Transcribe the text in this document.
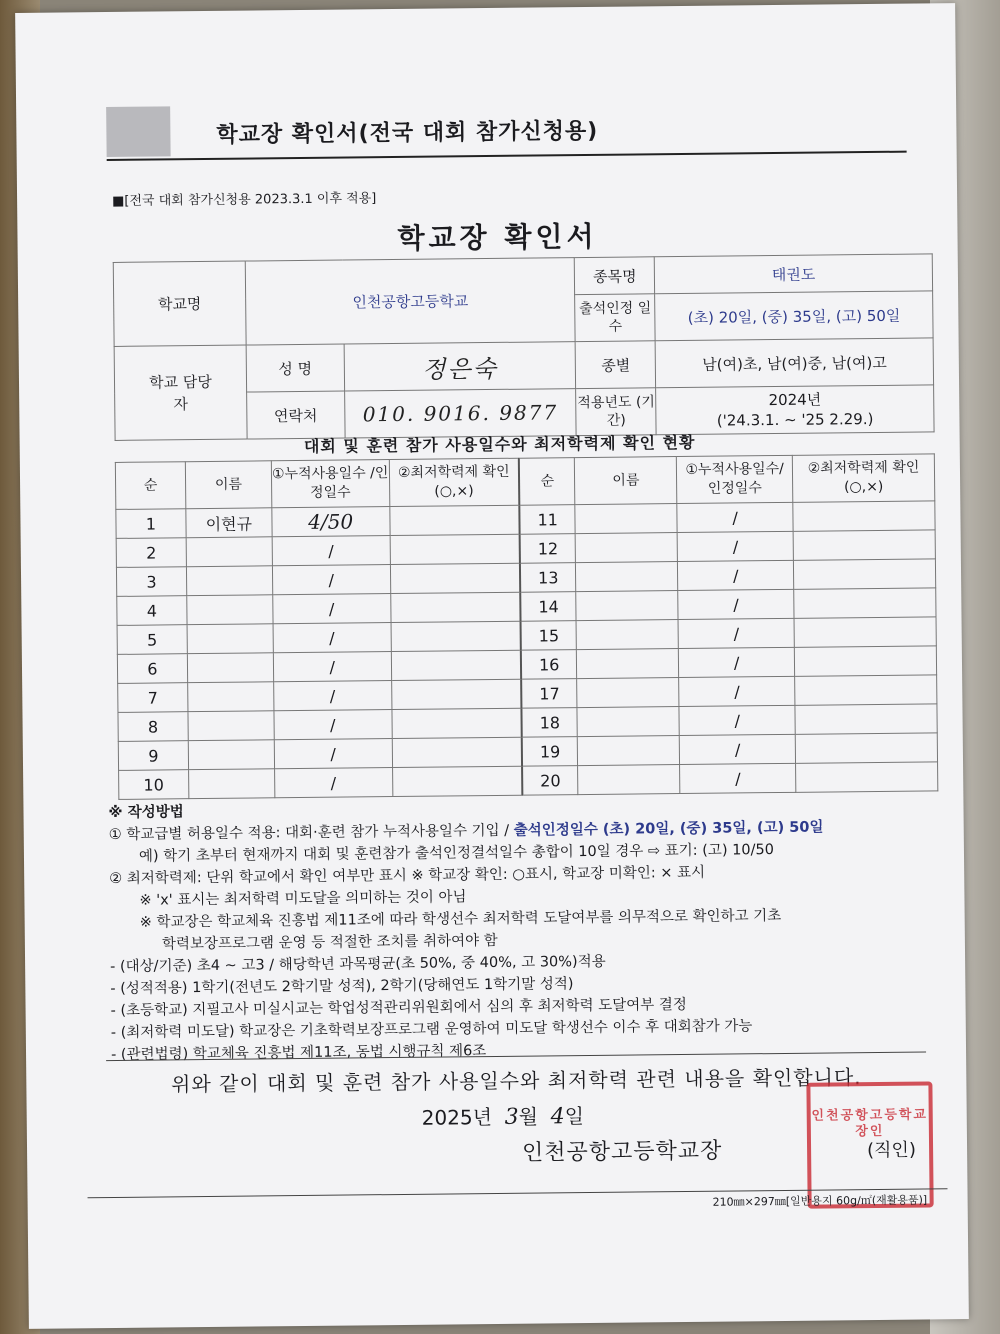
학교장 확인서(전국 대회 참가신청용)
■[전국 대회 참가신청용 2023.3.1 이후 적용]
학교장 확인서
학교명	인천공항고등학교		종목명	태권도
			출석인정 일수	(초) 20일, (중) 35일, (고) 50일
학교 담당자	성 명	정은숙	종별	남(여)초, 남(여)중, 남(여)고
	연락처	010. 9016. 9877	적용년도 (기간)	2024년
('24.3.1. ~ '25 2.29.)
대회 및 훈련 참가 사용일수와 최저학력제 확인 현황
순	이름	①누적사용일수 /인정일수	②최저학력제 확인(○,×)	순	이름	①누적사용일수/ 인정일수	②최저학력제 확인(○,×)
1	이현규	4/50		11		/	
2		/		12		/	
3		/		13		/	
4		/		14		/	
5		/		15		/	
6		/		16		/	
7		/		17		/	
8		/		18		/	
9		/		19		/	
10		/		20		/	

※ 작성방법

① 학교급별 허용일수 적용: 대회·훈련 참가 누적사용일수 기입 / 출석인정일수 (초) 20일, (중) 35일, (고) 50일

예) 학기 초부터 현재까지 대회 및 훈련참가 출석인정결석일수 총합이 10일 경우 ⇨ 표기: (고) 10/50

② 최저학력제: 단위 학교에서 확인 여부만 표시 ※ 학교장 확인: ○표시, 학교장 미확인: × 표시

※ 'x' 표시는 최저학력 미도달을 의미하는 것이 아님

※ 학교장은 학교체육 진흥법 제11조에 따라 학생선수 최저학력 도달여부를 의무적으로 확인하고 기초

학력보장프로그램 운영 등 적절한 조치를 취하여야 함

- (대상/기준) 초4 ~ 고3 / 해당학년 과목평균(초 50%, 중 40%, 고 30%)적용

- (성적적용) 1학기(전년도 2학기말 성적), 2학기(당해연도 1학기말 성적)

- (초등학교) 지필고사 미실시교는 학업성적관리위원회에서 심의 후 최저학력 도달여부 결정

- (최저학력 미도달) 학교장은 기초학력보장프로그램 운영하여 미도달 학생선수 이수 후 대회참가 가능

- (관련법령) 학교체육 진흥법 제11조, 동법 시행규칙 제6조

위와 같이 대회 및 훈련 참가 사용일수와 최저학력 관련 내용을 확인합니다.
2025년 3월 4일	인천공항고등학교장인
인천공항고등학교장	(직인)
210㎜×297㎜[일반용지 60g/㎡(재활용품)]
